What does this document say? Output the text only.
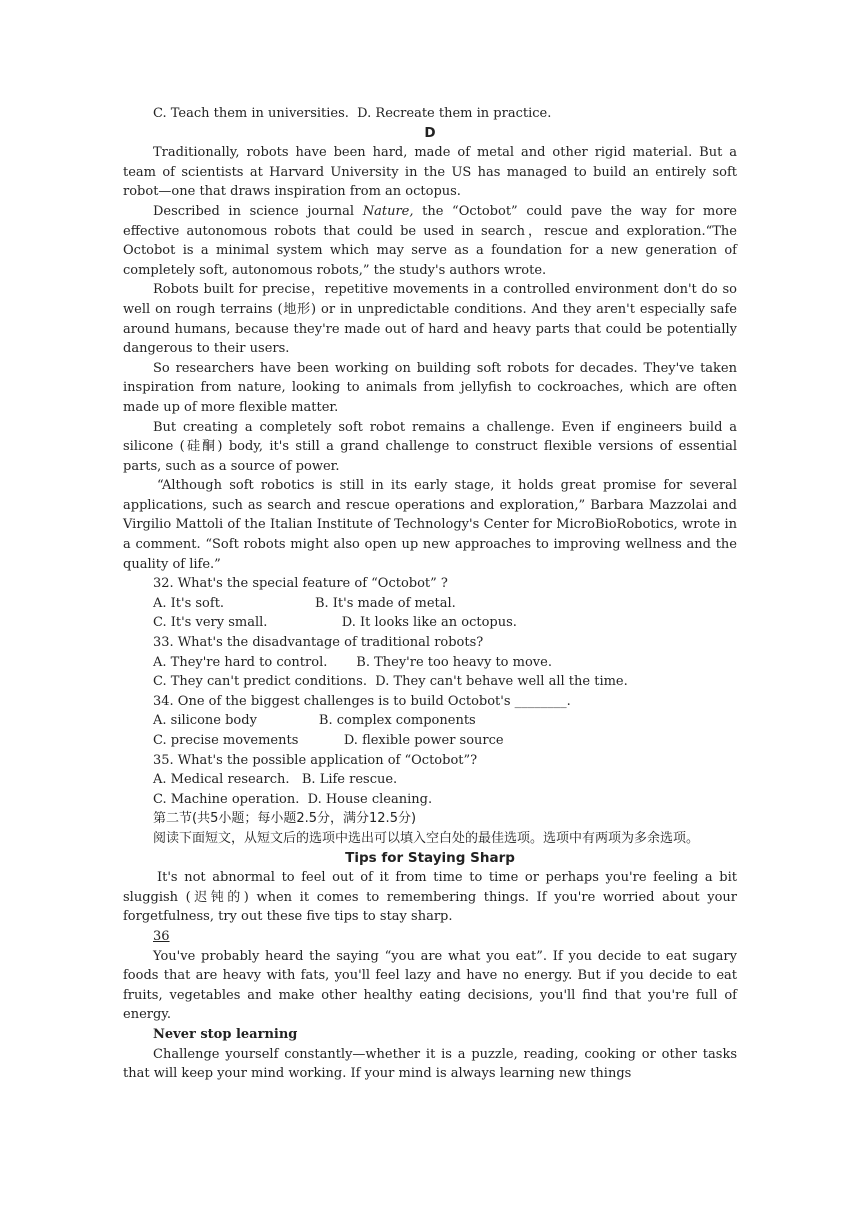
C. Teach them in universities.  D. Recreate them in practice.

D

Traditionally, robots have been hard, made of metal and other rigid material. But a team of scientists at Harvard University in the US has managed to build an entirely soft robot—one that draws inspiration from an octopus.

Described in science journal Nature, the “Octobot” could pave the way for more effective autonomous robots that could be used in search，rescue and exploration.“The Octobot is a minimal system which may serve as a foundation for a new generation of completely soft, autonomous robots,” the study's authors wrote.

Robots built for precise，repetitive movements in a controlled environment don't do so well on rough terrains (地形) or in unpredictable conditions. And they aren't especially safe around humans, because they're made out of hard and heavy parts that could be potentially dangerous to their users.

So researchers have been working on building soft robots for decades. They've taken inspiration from nature, looking to animals from jellyfish to cockroaches, which are often made up of more flexible matter.

But creating a completely soft robot remains a challenge. Even if engineers build a silicone (硅酮) body, it's still a grand challenge to construct flexible versions of essential parts, such as a source of power.

“Although soft robotics is still in its early stage, it holds great promise for several applications, such as search and rescue operations and exploration,” Barbara Mazzolai and Virgilio Mattoli of the Italian Institute of Technology's Center for MicroBioRobotics, wrote in a comment. “Soft robots might also open up new approaches to improving wellness and the quality of life.”

32. What's the special feature of “Octobot” ?

A. It's soft.                      B. It's made of metal.

C. It's very small.                  D. It looks like an octopus.

33. What's the disadvantage of traditional robots?

A. They're hard to control.       B. They're too heavy to move.

C. They can't predict conditions.  D. They can't behave well all the time.

34. One of the biggest challenges is to build Octobot's ________.

A. silicone body               B. complex components

C. precise movements           D. flexible power source

35. What's the possible application of “Octobot”?

A. Medical research.   B. Life rescue.

C. Machine operation.  D. House cleaning.

第二节(共5小题；每小题2.5分，满分12.5分)

阅读下面短文，从短文后的选项中选出可以填入空白处的最佳选项。选项中有两项为多余选项。

Tips for Staying Sharp

It's not abnormal to feel out of it from time to time or perhaps you're feeling a bit sluggish (迟钝的) when it comes to remembering things. If you're worried about your forgetfulness, try out these five tips to stay sharp.

36

You've probably heard the saying “you are what you eat”. If you decide to eat sugary foods that are heavy with fats, you'll feel lazy and have no energy. But if you decide to eat fruits, vegetables and make other healthy eating decisions, you'll find that you're full of energy.

Never stop learning

Challenge yourself constantly—whether it is a puzzle, reading, cooking or other tasks that will keep your mind working. If your mind is always learning new things
